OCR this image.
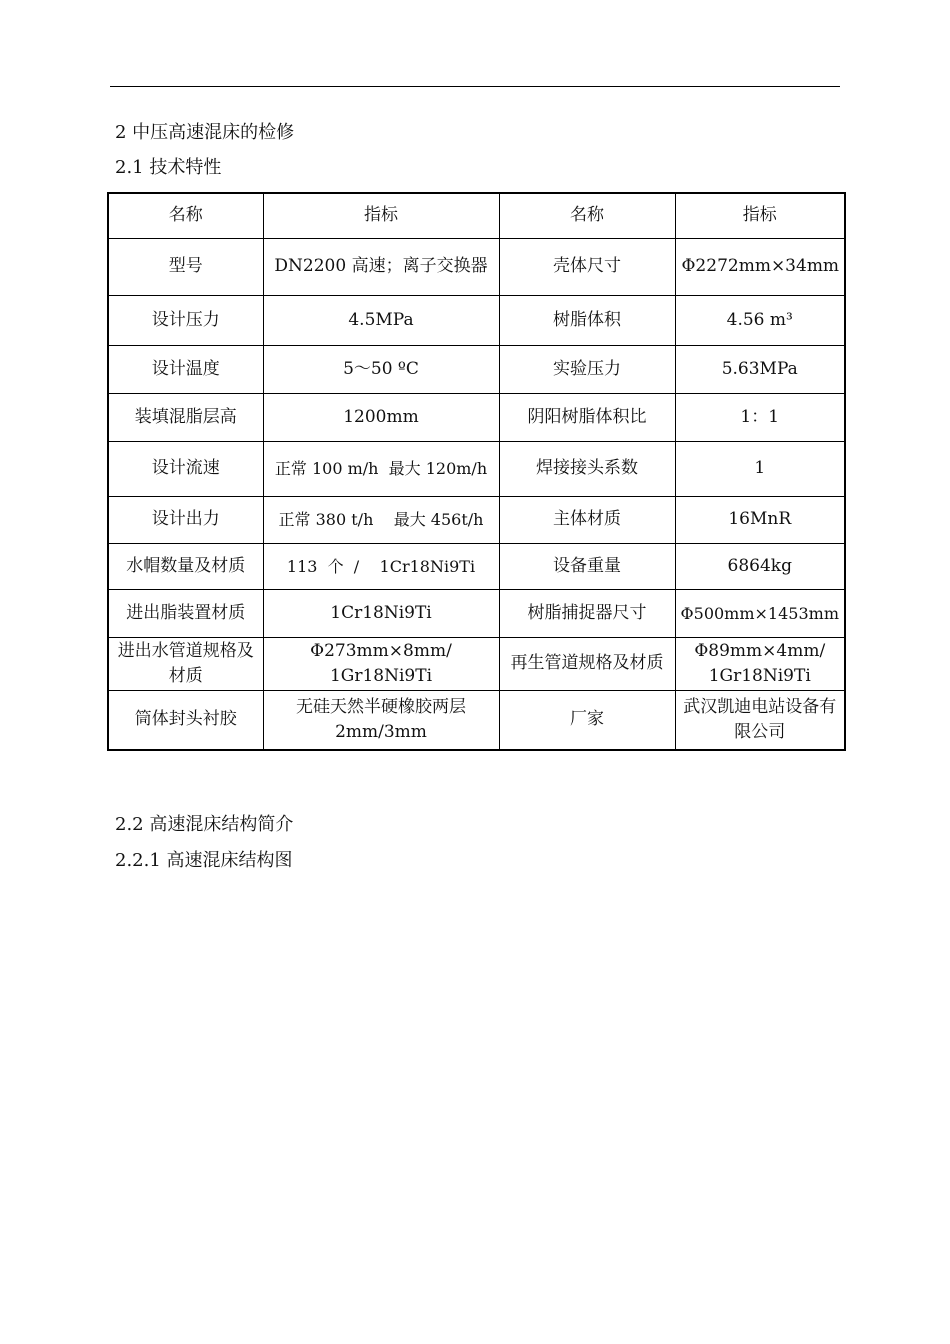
2 中压高速混床的检修
2.1 技术特性
名称	指标	名称	指标
型号	DN2200 高速；离子交换器	壳体尺寸	Φ2272mm×34mm
设计压力	4.5MPa	树脂体积	4.56 m³
设计温度	5～50 ºC	实验压力	5.63MPa
装填混脂层高	1200mm	阴阳树脂体积比	1：1
设计流速	正常 100 m/h  最大 120m/h	焊接接头系数	1
设计出力	正常 380 t/h    最大 456t/h	主体材质	16MnR
水帽数量及材质	113  个  /    1Cr18Ni9Ti	设备重量	6864kg
进出脂装置材质	1Cr18Ni9Ti	树脂捕捉器尺寸	Φ500mm×1453mm
进出水管道规格及材质	Φ273mm×8mm/ 1Gr18Ni9Ti	再生管道规格及材质	Φ89mm×4mm/ 1Gr18Ni9Ti
筒体封头衬胶	无硅天然半硬橡胶两层 2mm/3mm	厂家	武汉凯迪电站设备有限公司
2.2 高速混床结构简介
2.2.1 高速混床结构图
